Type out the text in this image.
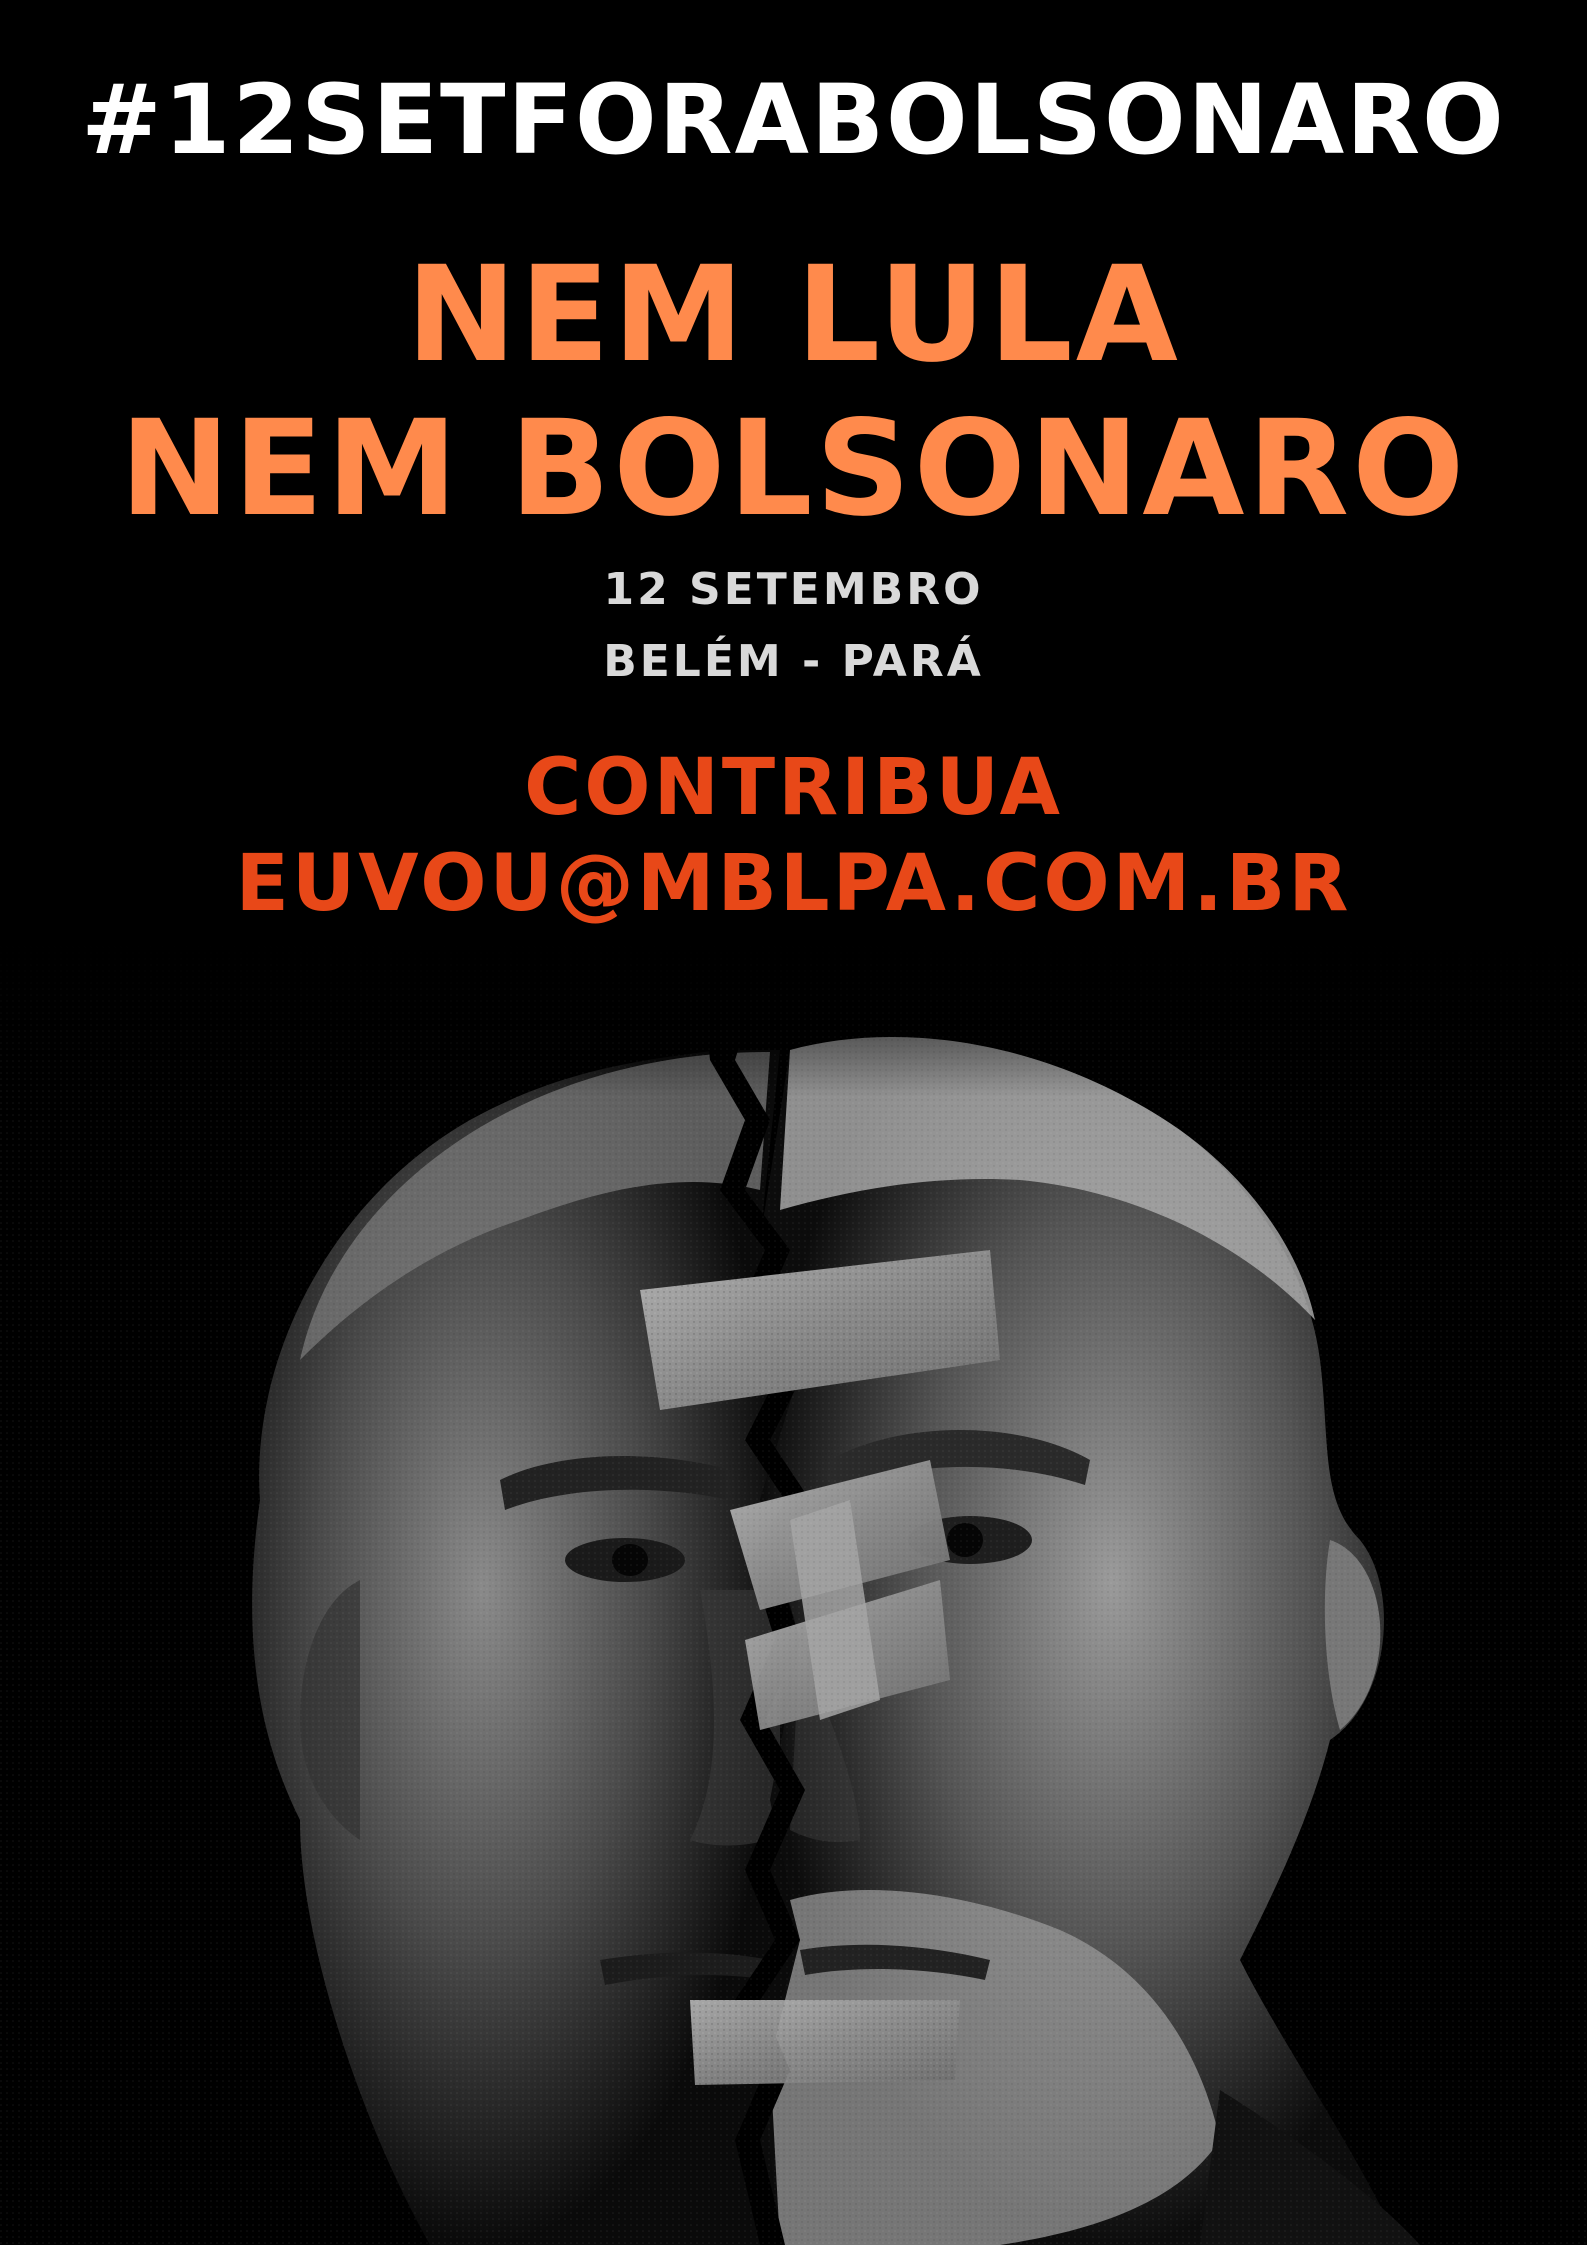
#12SETFORABOLSONARO
NEM LULA
NEM BOLSONARO
12 SETEMBRO
BELÉM - PARÁ
CONTRIBUA
EUVOU@MBLPA.COM.BR
